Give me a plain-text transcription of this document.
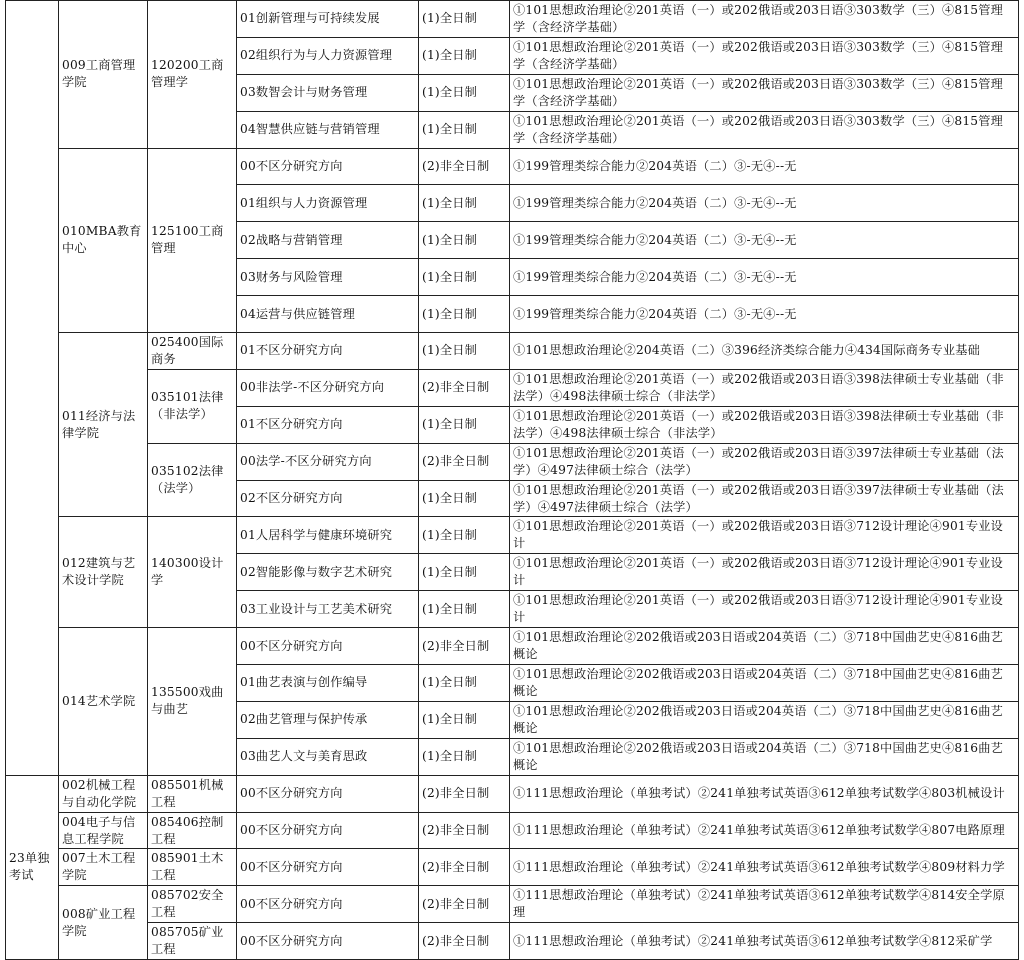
	009工商管理学院	120200工商管理学	01创新管理与可持续发展	(1)全日制	①101思想政治理论②201英语（一）或202俄语或203日语③303数学（三）④815管理学（含经济学基础）
			02组织行为与人力资源管理	(1)全日制	①101思想政治理论②201英语（一）或202俄语或203日语③303数学（三）④815管理学（含经济学基础）
			03数智会计与财务管理	(1)全日制	①101思想政治理论②201英语（一）或202俄语或203日语③303数学（三）④815管理学（含经济学基础）
			04智慧供应链与营销管理	(1)全日制	①101思想政治理论②201英语（一）或202俄语或203日语③303数学（三）④815管理学（含经济学基础）
	010MBA教育中心	125100工商管理	00不区分研究方向	(2)非全日制	①199管理类综合能力②204英语（二）③-无④--无
			01组织与人力资源管理	(1)全日制	①199管理类综合能力②204英语（二）③-无④--无
			02战略与营销管理	(1)全日制	①199管理类综合能力②204英语（二）③-无④--无
			03财务与风险管理	(1)全日制	①199管理类综合能力②204英语（二）③-无④--无
			04运营与供应链管理	(1)全日制	①199管理类综合能力②204英语（二）③-无④--无
	011经济与法律学院	025400国际商务	01不区分研究方向	(1)全日制	①101思想政治理论②204英语（二）③396经济类综合能力④434国际商务专业基础
		035101法律（非法学）	00非法学-不区分研究方向	(2)非全日制	①101思想政治理论②201英语（一）或202俄语或203日语③398法律硕士专业基础（非法学）④498法律硕士综合（非法学）
			01不区分研究方向	(1)全日制	①101思想政治理论②201英语（一）或202俄语或203日语③398法律硕士专业基础（非法学）④498法律硕士综合（非法学）
		035102法律（法学）	00法学-不区分研究方向	(2)非全日制	①101思想政治理论②201英语（一）或202俄语或203日语③397法律硕士专业基础（法学）④497法律硕士综合（法学）
			02不区分研究方向	(1)全日制	①101思想政治理论②201英语（一）或202俄语或203日语③397法律硕士专业基础（法学）④497法律硕士综合（法学）
	012建筑与艺术设计学院	140300设计学	01人居科学与健康环境研究	(1)全日制	①101思想政治理论②201英语（一）或202俄语或203日语③712设计理论④901专业设计
			02智能影像与数字艺术研究	(1)全日制	①101思想政治理论②201英语（一）或202俄语或203日语③712设计理论④901专业设计
			03工业设计与工艺美术研究	(1)全日制	①101思想政治理论②201英语（一）或202俄语或203日语③712设计理论④901专业设计
	014艺术学院	135500戏曲与曲艺	00不区分研究方向	(2)非全日制	①101思想政治理论②202俄语或203日语或204英语（二）③718中国曲艺史④816曲艺概论
			01曲艺表演与创作编导	(1)全日制	①101思想政治理论②202俄语或203日语或204英语（二）③718中国曲艺史④816曲艺概论
			02曲艺管理与保护传承	(1)全日制	①101思想政治理论②202俄语或203日语或204英语（二）③718中国曲艺史④816曲艺概论
			03曲艺人文与美育思政	(1)全日制	①101思想政治理论②202俄语或203日语或204英语（二）③718中国曲艺史④816曲艺概论
23单独考试	002机械工程与自动化学院	085501机械工程	00不区分研究方向	(2)非全日制	①111思想政治理论（单独考试）②241单独考试英语③612单独考试数学④803机械设计
	004电子与信息工程学院	085406控制工程	00不区分研究方向	(2)非全日制	①111思想政治理论（单独考试）②241单独考试英语③612单独考试数学④807电路原理
	007土木工程学院	085901土木工程	00不区分研究方向	(2)非全日制	①111思想政治理论（单独考试）②241单独考试英语③612单独考试数学④809材料力学
	008矿业工程学院	085702安全工程	00不区分研究方向	(2)非全日制	①111思想政治理论（单独考试）②241单独考试英语③612单独考试数学④814安全学原理
		085705矿业工程	00不区分研究方向	(2)非全日制	①111思想政治理论（单独考试）②241单独考试英语③612单独考试数学④812采矿学
